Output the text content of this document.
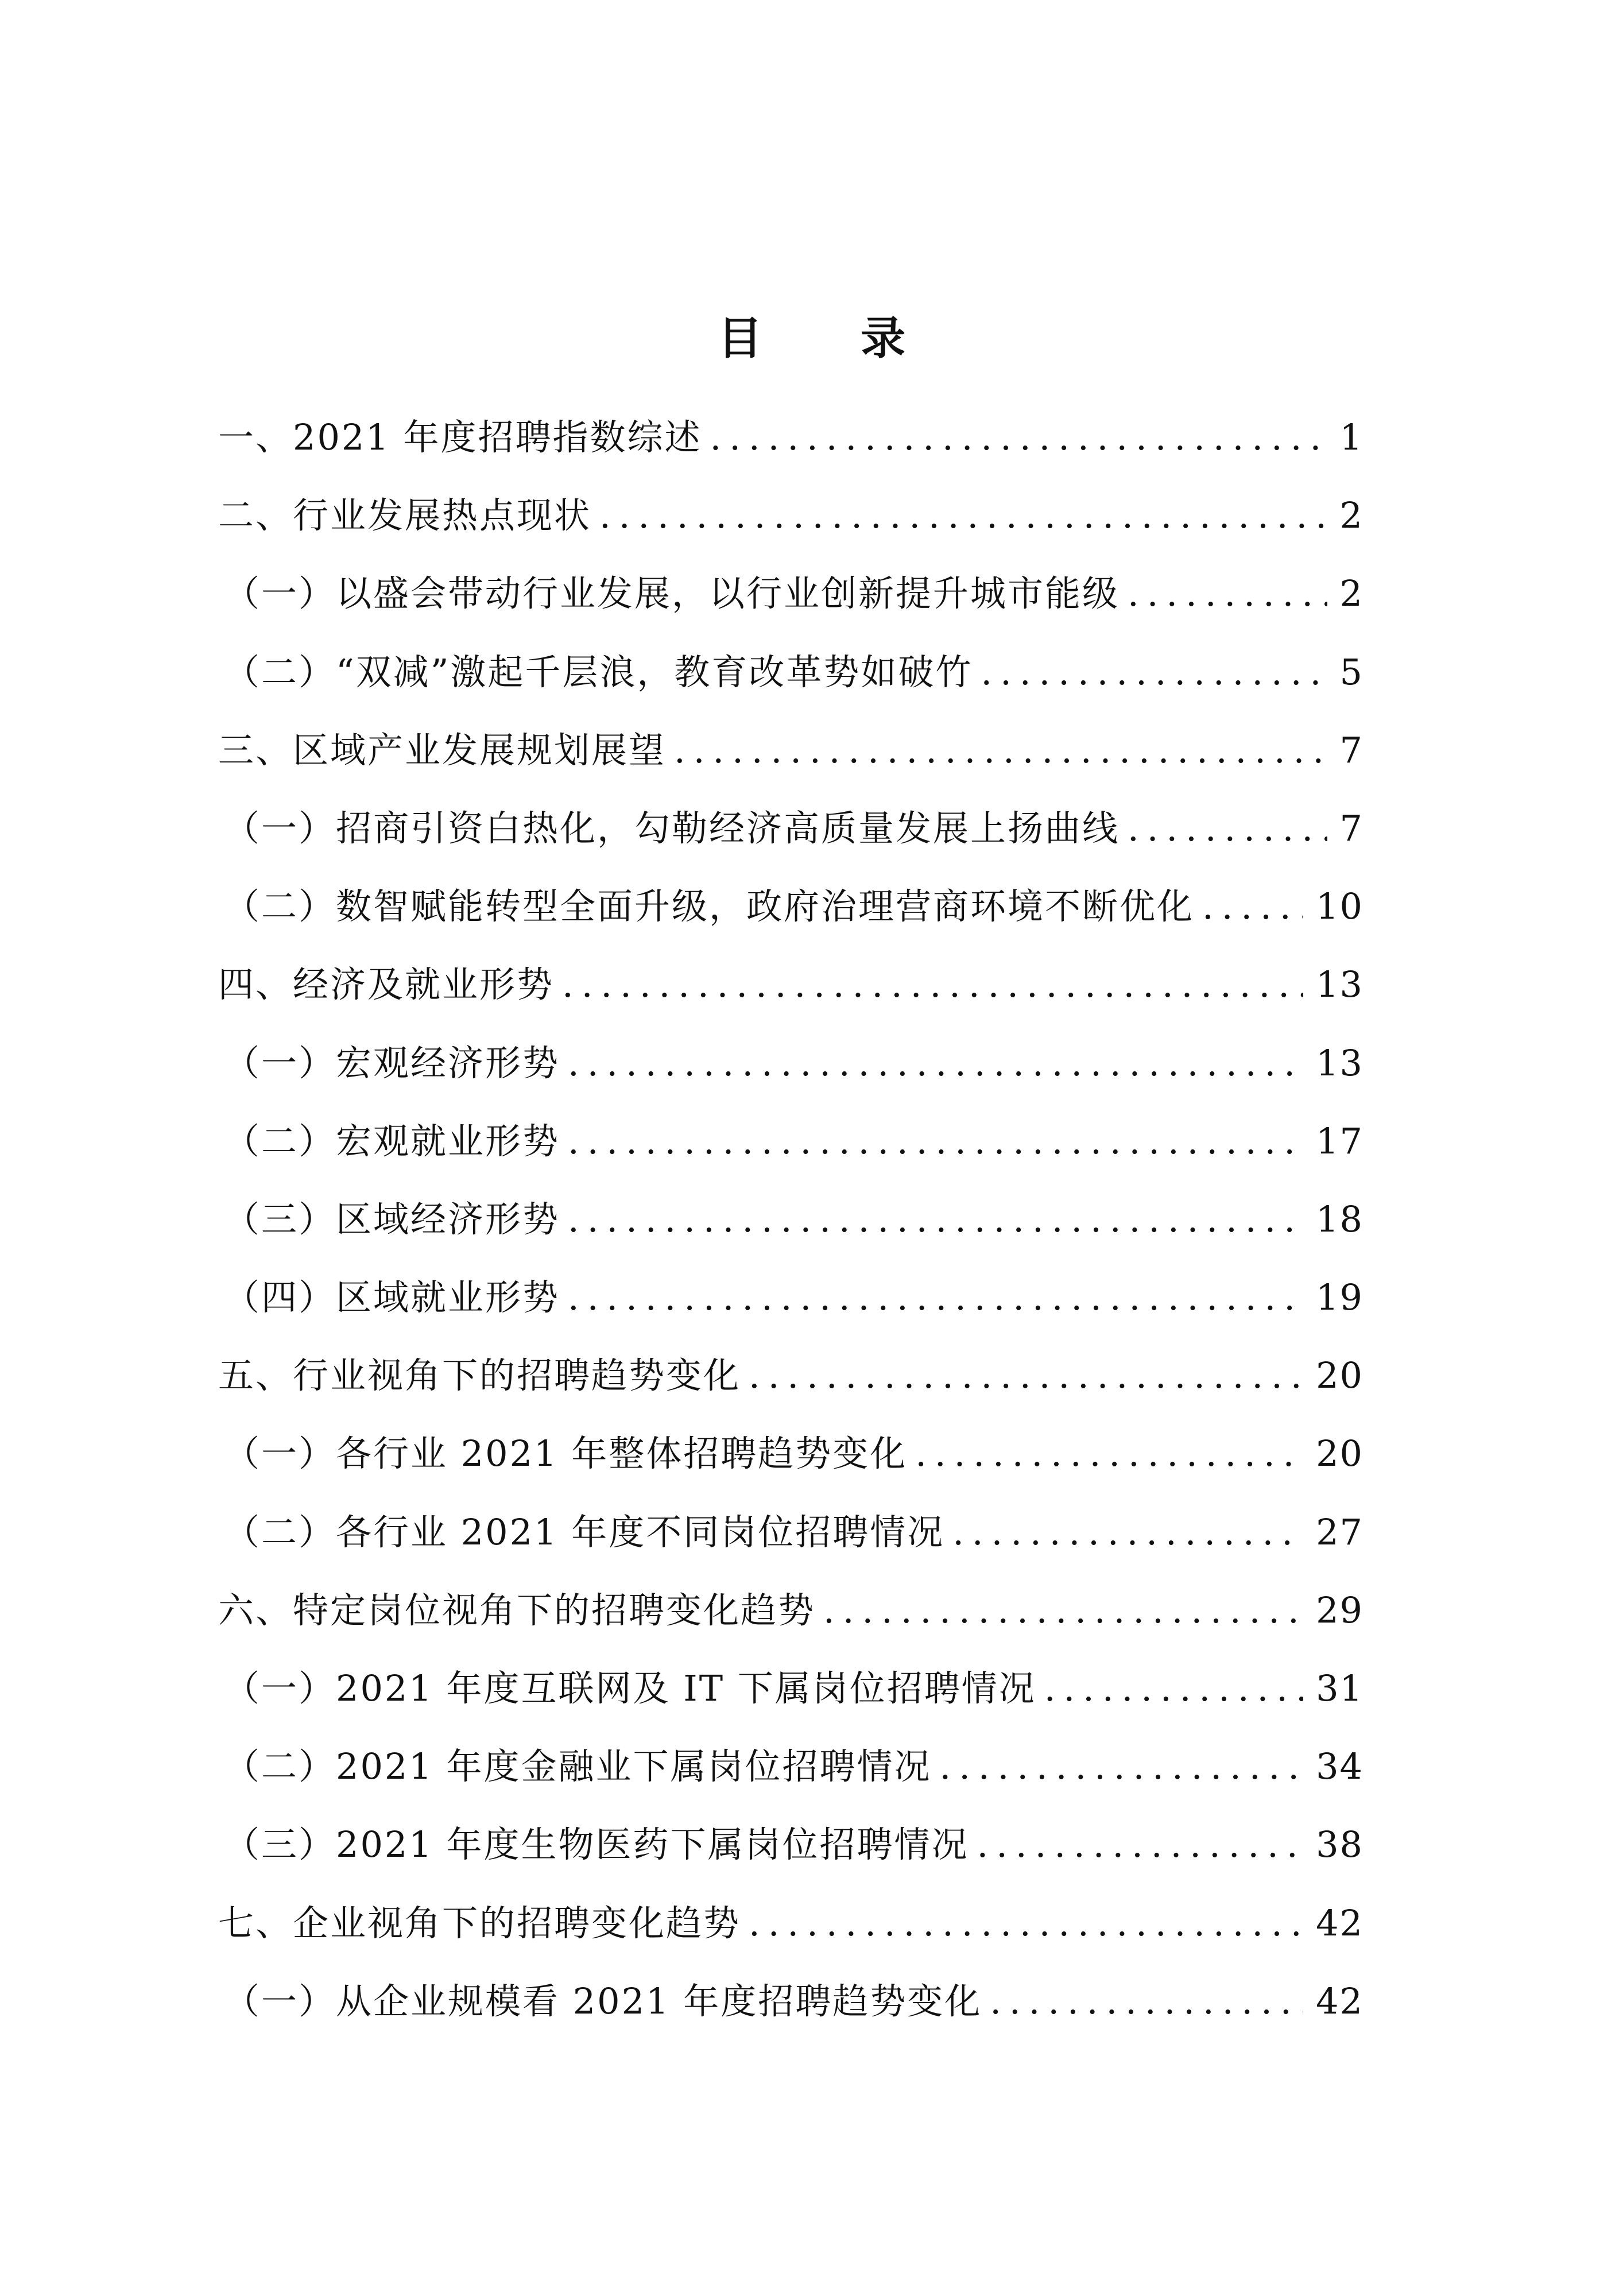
目 录
一、2021 年度招聘指数综述 .....	1
二、行业发展热点现状 .....	2
（一）以盛会带动行业发展，以行业创新提升城市能级 .....	2
（二）“双减”激起千层浪，教育改革势如破竹 .....	5
三、区域产业发展规划展望 .....	7
（一）招商引资白热化，勾勒经济高质量发展上扬曲线 .....	7
（二）数智赋能转型全面升级，政府治理营商环境不断优化 .....	10
四、经济及就业形势 .....	13
（一）宏观经济形势 .....	13
（二）宏观就业形势 .....	17
（三）区域经济形势 .....	18
（四）区域就业形势 .....	19
五、行业视角下的招聘趋势变化 .....	20
（一）各行业 2021 年整体招聘趋势变化 .....	20
（二）各行业 2021 年度不同岗位招聘情况 .....	27
六、特定岗位视角下的招聘变化趋势 .....	29
（一）2021 年度互联网及 IT 下属岗位招聘情况 .....	31
（二）2021 年度金融业下属岗位招聘情况 .....	34
（三）2021 年度生物医药下属岗位招聘情况 .....	38
七、企业视角下的招聘变化趋势 .....	42
（一）从企业规模看 2021 年度招聘趋势变化 .....	42
